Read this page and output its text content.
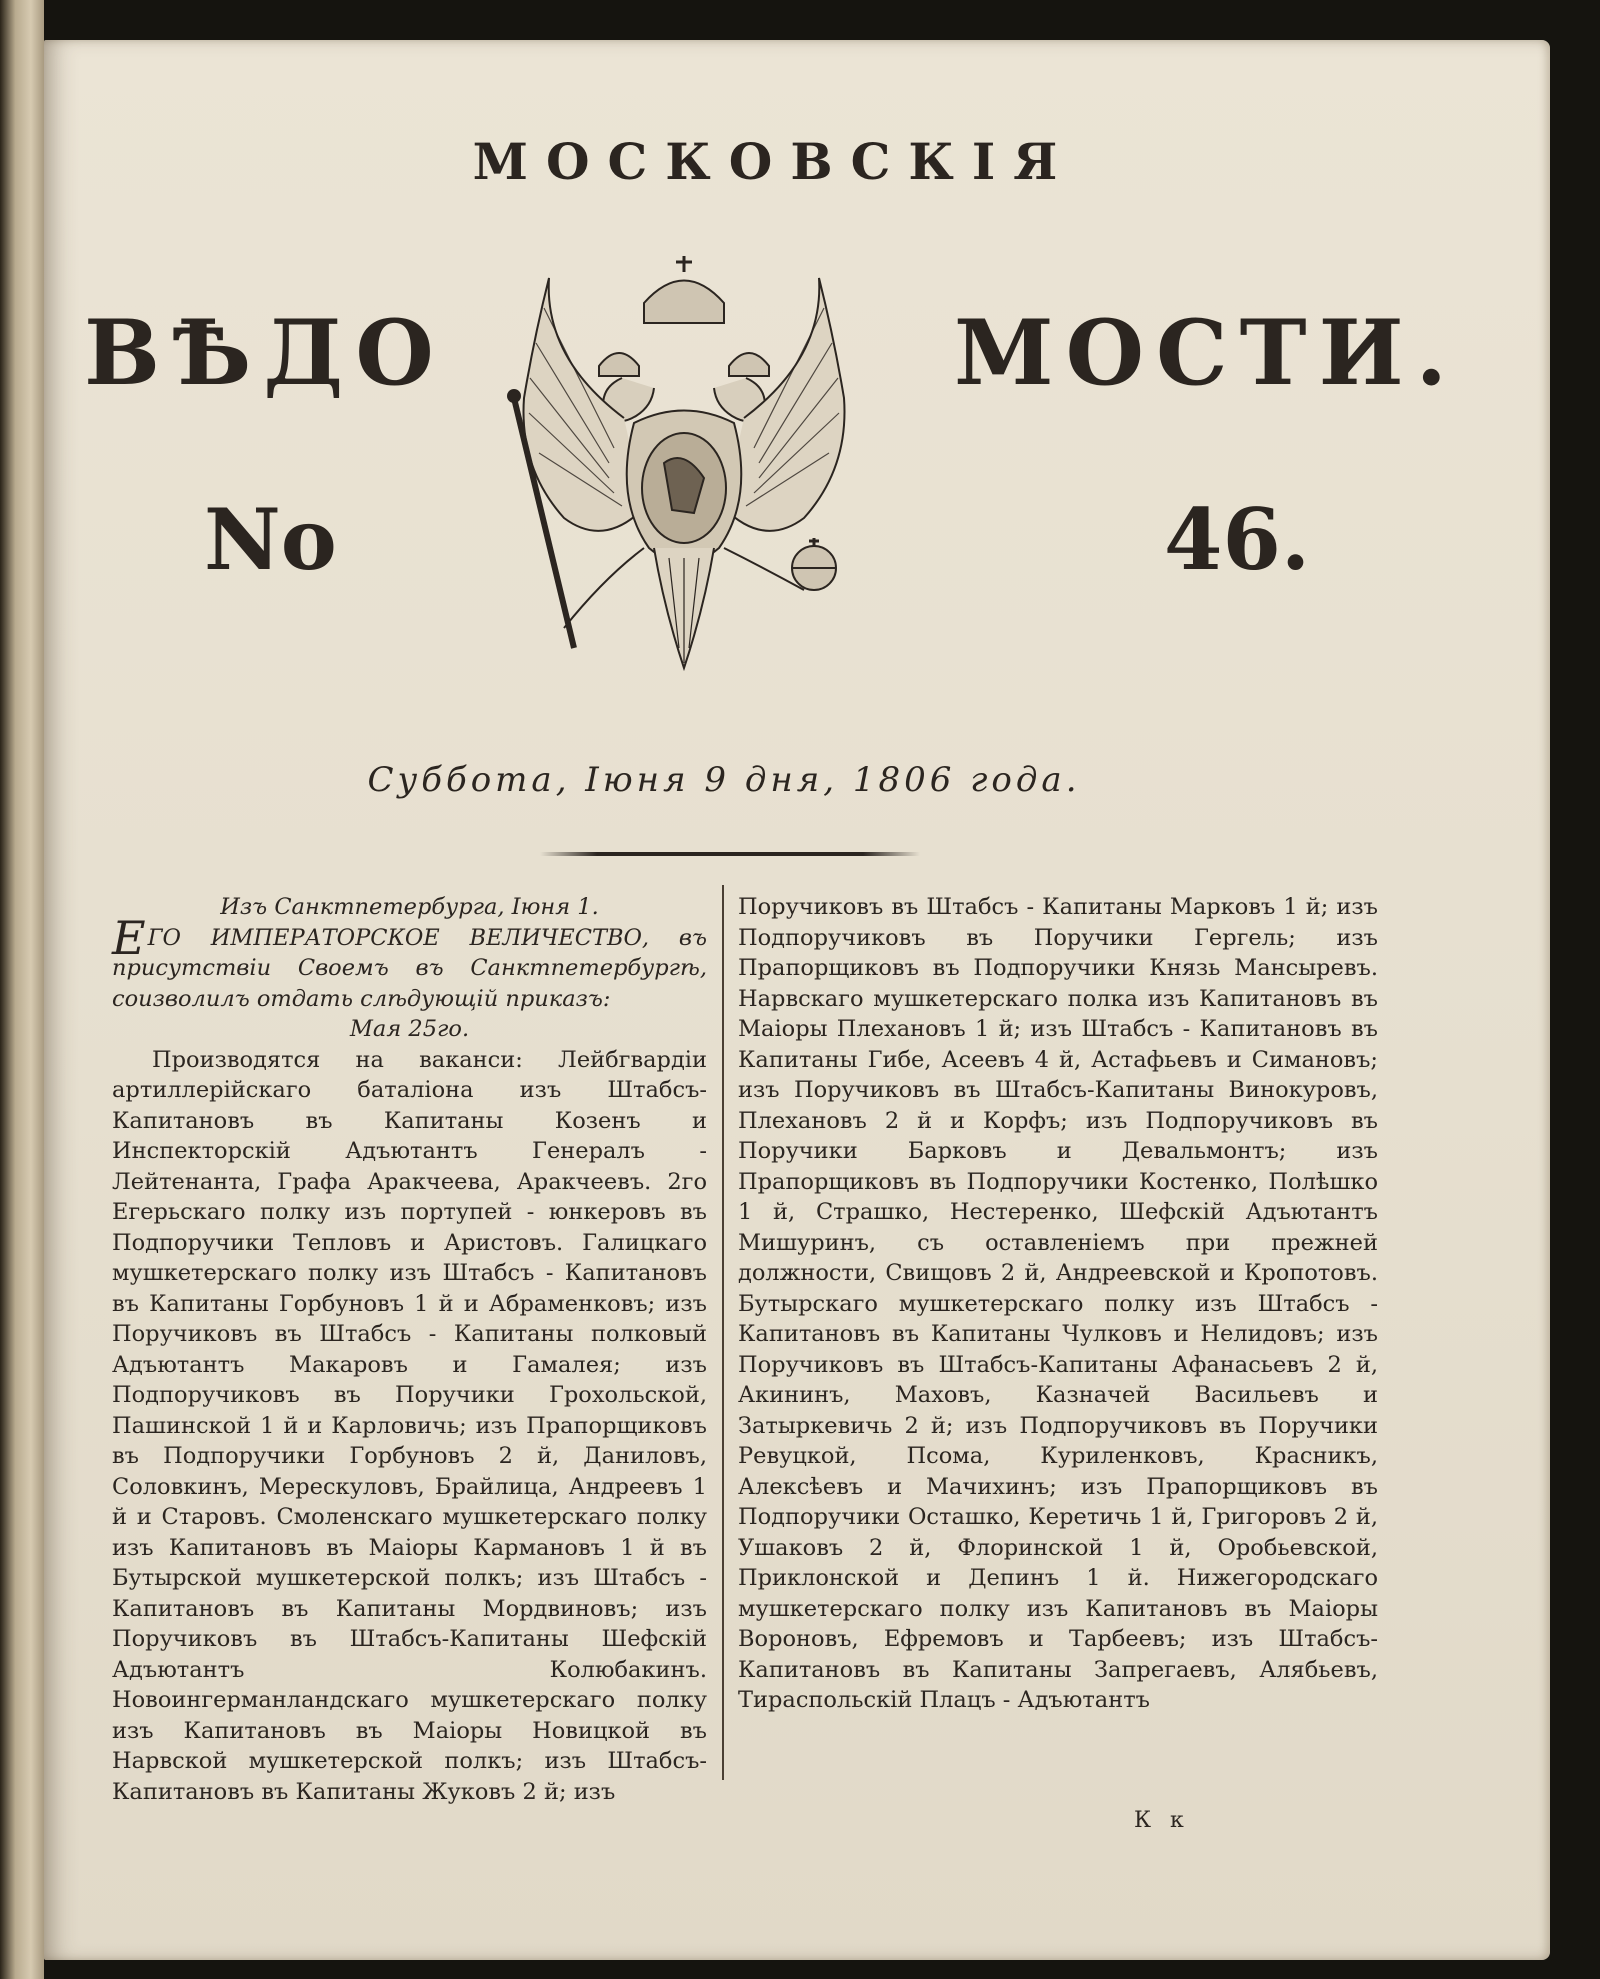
МОСКОВСКІЯ
ВѢДО	МОСТИ.
No	46.
Суббота, Іюня 9 дня, 1806 года.

Изъ Санктпетербурга, Іюня 1.

ЕГО ИМПЕРАТОРСКОЕ ВЕЛИЧЕСТВО, въ присутствіи Своемъ въ Санктпетербургѣ, соизволилъ отдать слѣдующій приказъ:

Мая 25го.

Производятся на ваканси: Лейбгвардіи артиллерійскаго баталіона изъ Штабсъ-Капитановъ въ Капитаны Козенъ и Инспекторскій Адъютантъ Генералъ - Лейтенанта, Графа Аракчеева, Аракчеевъ. 2го Егерьскаго полку изъ портупей - юнкеровъ въ Подпоручики Тепловъ и Аристовъ. Галицкаго мушкетерскаго полку изъ Штабсъ - Капитановъ въ Капитаны Горбуновъ 1 й и Абраменковъ; изъ Поручиковъ въ Штабсъ - Капитаны полковый Адъютантъ Макаровъ и Гамалея; изъ Подпоручиковъ въ Поручики Грохольской, Пашинской 1 й и Карловичь; изъ Прапорщиковъ въ Подпоручики Горбуновъ 2 й, Даниловъ, Соловкинъ, Мерескуловъ, Брайлица, Андреевъ 1 й и Старовъ. Смоленскаго мушкетерскаго полку изъ Капитановъ въ Маіоры Кармановъ 1 й въ Бутырской мушкетерской полкъ; изъ Штабсъ - Капитановъ въ Капитаны Мордвиновъ; изъ Поручиковъ въ Штабсъ-Капитаны Шефскій Адъютантъ Колюбакинъ. Новоингерманландскаго мушкетерскаго полку изъ Капитановъ въ Маіоры Новицкой въ Нарвской мушкетерской полкъ; изъ Штабсъ-Капитановъ въ Капитаны Жуковъ 2 й; изъ

Поручиковъ въ Штабсъ - Капитаны Марковъ 1 й; изъ Подпоручиковъ въ Поручики Гергель; изъ Прапорщиковъ въ Подпоручики Князь Мансыревъ. Нарвскаго мушкетерскаго полка изъ Капитановъ въ Маіоры Плехановъ 1 й; изъ Штабсъ - Капитановъ въ Капитаны Гибе, Асеевъ 4 й, Астафьевъ и Симановъ; изъ Поручиковъ въ Штабсъ-Капитаны Винокуровъ, Плехановъ 2 й и Корфъ; изъ Подпоручиковъ въ Поручики Барковъ и Девальмонтъ; изъ Прапорщиковъ въ Подпоручики Костенко, Полѣшко 1 й, Страшко, Нестеренко, Шефскій Адъютантъ Мишуринъ, съ оставленіемъ при прежней должности, Свищовъ 2 й, Андреевской и Кропотовъ. Бутырскаго мушкетерскаго полку изъ Штабсъ - Капитановъ въ Капитаны Чулковъ и Нелидовъ; изъ Поручиковъ въ Штабсъ-Капитаны Афанасьевъ 2 й, Акининъ, Маховъ, Казначей Васильевъ и Затыркевичь 2 й; изъ Подпоручиковъ въ Поручики Ревуцкой, Псома, Куриленковъ, Красникъ, Алексѣевъ и Мачихинъ; изъ Прапорщиковъ въ Подпоручики Осташко, Керетичь 1 й, Григоровъ 2 й, Ушаковъ 2 й, Флоринской 1 й, Оробьевской, Приклонской и Депинъ 1 й. Нижегородскаго мушкетерскаго полку изъ Капитановъ въ Маіоры Вороновъ, Ефремовъ и Тарбеевъ; изъ Штабсъ-Капитановъ въ Капитаны Запрегаевъ, Алябьевъ, Тираспольскій Плацъ - Адъютантъ

К к
